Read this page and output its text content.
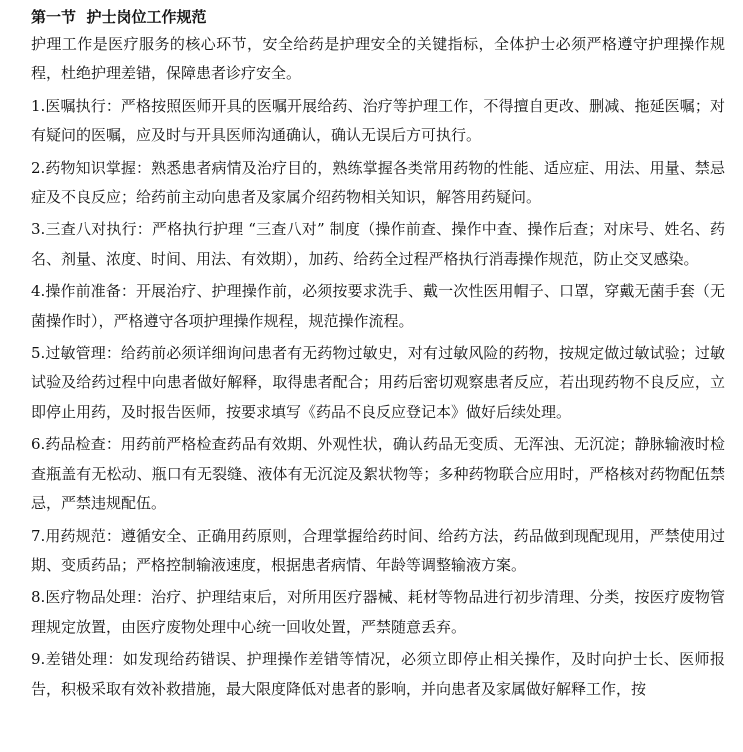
第一节  护士岗位工作规范

护理工作是医疗服务的核心环节，安全给药是护理安全的关键指标，全体护士必须严格遵守护理操作规程，杜绝护理差错，保障患者诊疗安全。

1.医嘱执行：严格按照医师开具的医嘱开展给药、治疗等护理工作，不得擅自更改、删减、拖延医嘱；对有疑问的医嘱，应及时与开具医师沟通确认，确认无误后方可执行。

2.药物知识掌握：熟悉患者病情及治疗目的，熟练掌握各类常用药物的性能、适应症、用法、用量、禁忌症及不良反应；给药前主动向患者及家属介绍药物相关知识，解答用药疑问。

3.三查八对执行：严格执行护理 “三查八对” 制度（操作前查、操作中查、操作后查；对床号、姓名、药名、剂量、浓度、时间、用法、有效期），加药、给药全过程严格执行消毒操作规范，防止交叉感染。

4.操作前准备：开展治疗、护理操作前，必须按要求洗手、戴一次性医用帽子、口罩，穿戴无菌手套（无菌操作时），严格遵守各项护理操作规程，规范操作流程。

5.过敏管理：给药前必须详细询问患者有无药物过敏史，对有过敏风险的药物，按规定做过敏试验；过敏试验及给药过程中向患者做好解释，取得患者配合；用药后密切观察患者反应，若出现药物不良反应，立即停止用药，及时报告医师，按要求填写《药品不良反应登记本》做好后续处理。

6.药品检查：用药前严格检查药品有效期、外观性状，确认药品无变质、无浑浊、无沉淀；静脉输液时检查瓶盖有无松动、瓶口有无裂缝、液体有无沉淀及絮状物等；多种药物联合应用时，严格核对药物配伍禁忌，严禁违规配伍。

7.用药规范：遵循安全、正确用药原则，合理掌握给药时间、给药方法，药品做到现配现用，严禁使用过期、变质药品；严格控制输液速度，根据患者病情、年龄等调整输液方案。

8.医疗物品处理：治疗、护理结束后，对所用医疗器械、耗材等物品进行初步清理、分类，按医疗废物管理规定放置，由医疗废物处理中心统一回收处置，严禁随意丢弃。

9.差错处理：如发现给药错误、护理操作差错等情况，必须立即停止相关操作，及时向护士长、医师报告，积极采取有效补救措施，最大限度降低对患者的影响，并向患者及家属做好解释工作，按
